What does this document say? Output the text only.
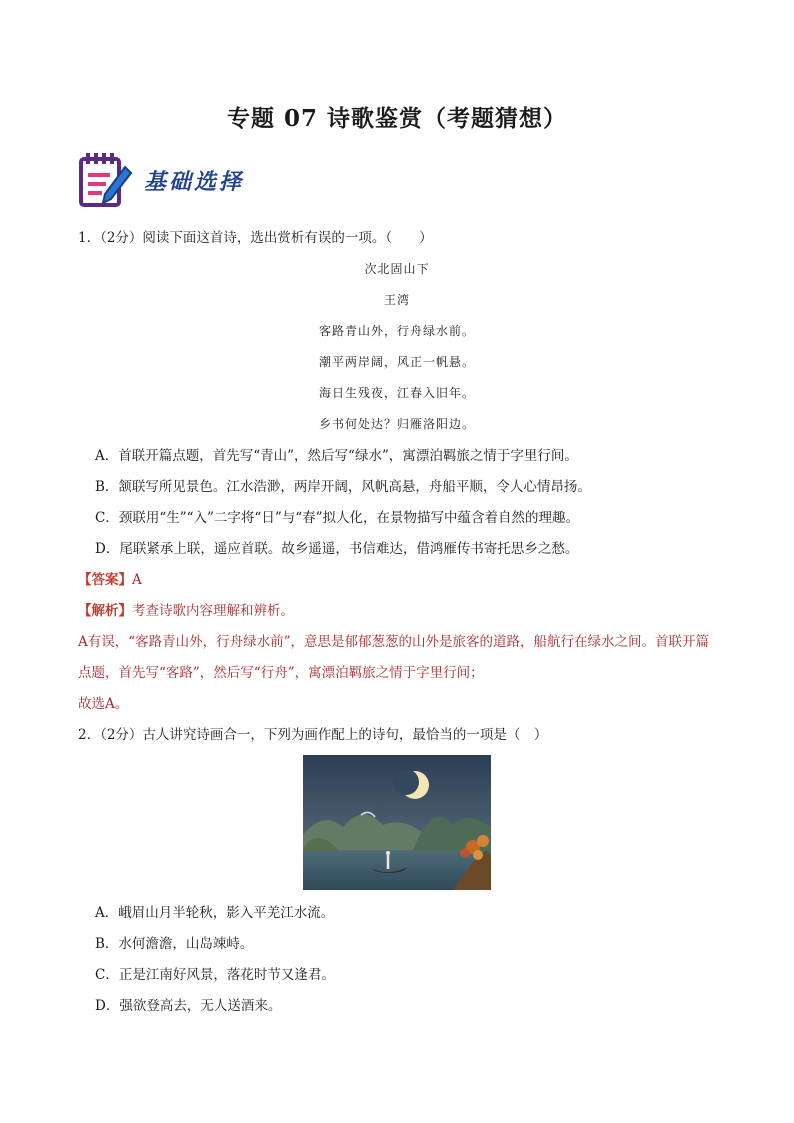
专题 07 诗歌鉴赏（考题猜想）
基础选择
1．（2分）阅读下面这首诗，选出赏析有误的一项。（　　）
次北固山下
王湾
客路青山外，行舟绿水前。
潮平两岸阔，风正一帆悬。
海日生残夜，江春入旧年。
乡书何处达？归雁洛阳边。
A．首联开篇点题，首先写“青山”，然后写“绿水”，寓漂泊羁旅之情于字里行间。
B．颔联写所见景色。江水浩渺，两岸开阔，风帆高悬，舟船平顺，令人心情昂扬。
C．颈联用“生”“入”二字将“日”与“春”拟人化，在景物描写中蕴含着自然的理趣。
D．尾联紧承上联，遥应首联。故乡遥遥，书信难达，借鸿雁传书寄托思乡之愁。
【答案】A
【解析】考查诗歌内容理解和辨析。
A有误，“客路青山外，行舟绿水前”，意思是郁郁葱葱的山外是旅客的道路，船航行在绿水之间。首联开篇点题，首先写“客路”，然后写“行舟”，寓漂泊羁旅之情于字里行间；
故选A。
2．（2分）古人讲究诗画合一，下列为画作配上的诗句，最恰当的一项是（　）
A．峨眉山月半轮秋，影入平羌江水流。
B．水何澹澹，山岛竦峙。
C．正是江南好风景，落花时节又逢君。
D．强欲登高去，无人送酒来。
